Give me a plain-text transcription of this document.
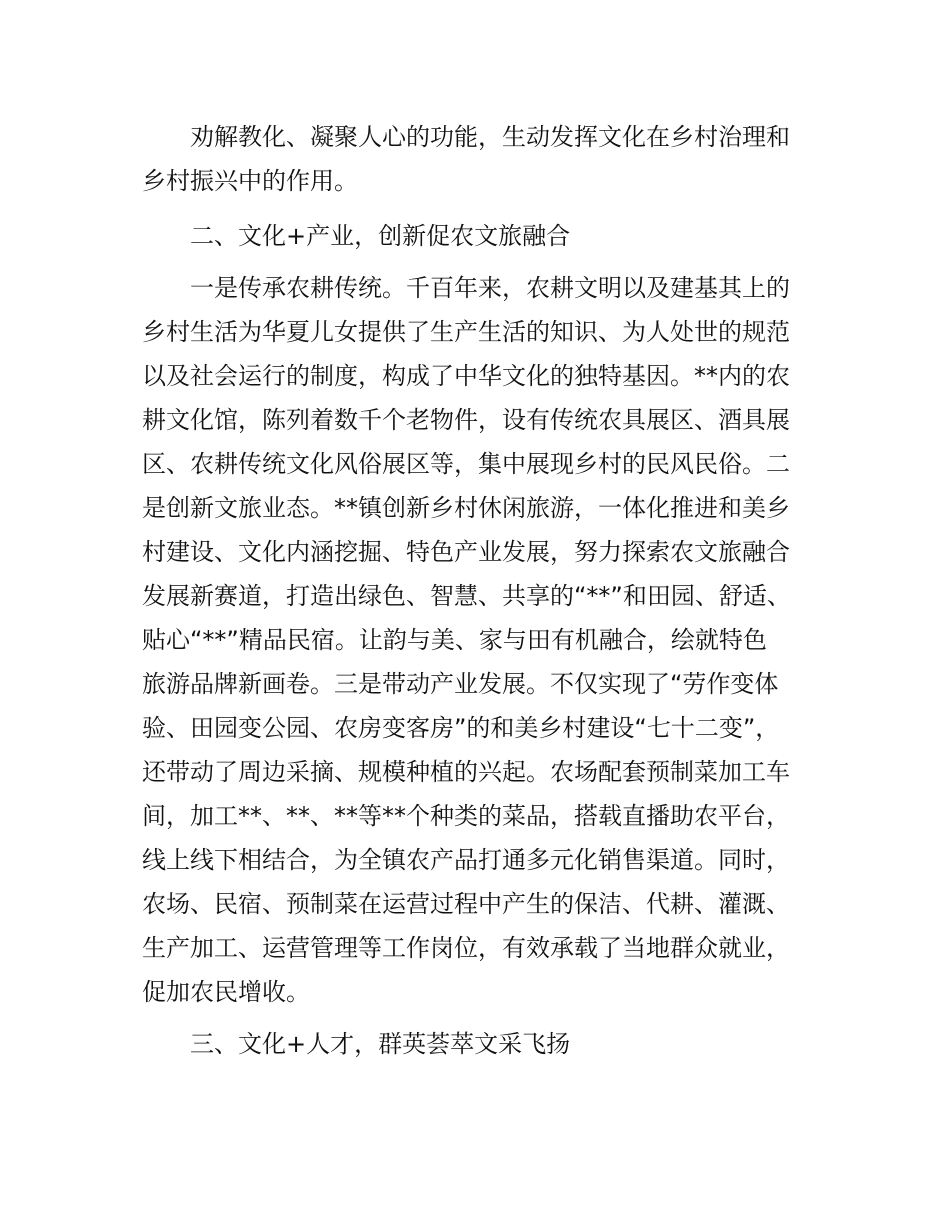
劝解教化、凝聚人心的功能，生动发挥文化在乡村治理和
乡村振兴中的作用。
二、文化+产业，创新促农文旅融合
一是传承农耕传统。千百年来，农耕文明以及建基其上的
乡村生活为华夏儿女提供了生产生活的知识、为人处世的规范
以及社会运行的制度，构成了中华文化的独特基因。**内的农
耕文化馆，陈列着数千个老物件，设有传统农具展区、酒具展
区、农耕传统文化风俗展区等，集中展现乡村的民风民俗。二
是创新文旅业态。**镇创新乡村休闲旅游，一体化推进和美乡
村建设、文化内涵挖掘、特色产业发展，努力探索农文旅融合
发展新赛道，打造出绿色、智慧、共享的“**”和田园、舒适、
贴心“**”精品民宿。让韵与美、家与田有机融合，绘就特色
旅游品牌新画卷。三是带动产业发展。不仅实现了“劳作变体
验、田园变公园、农房变客房”的和美乡村建设“七十二变”，
还带动了周边采摘、规模种植的兴起。农场配套预制菜加工车
间，加工**、**、**等**个种类的菜品，搭载直播助农平台，
线上线下相结合，为全镇农产品打通多元化销售渠道。同时，
农场、民宿、预制菜在运营过程中产生的保洁、代耕、灌溉、
生产加工、运营管理等工作岗位，有效承载了当地群众就业，
促加农民增收。
三、文化+人才，群英荟萃文采飞扬
